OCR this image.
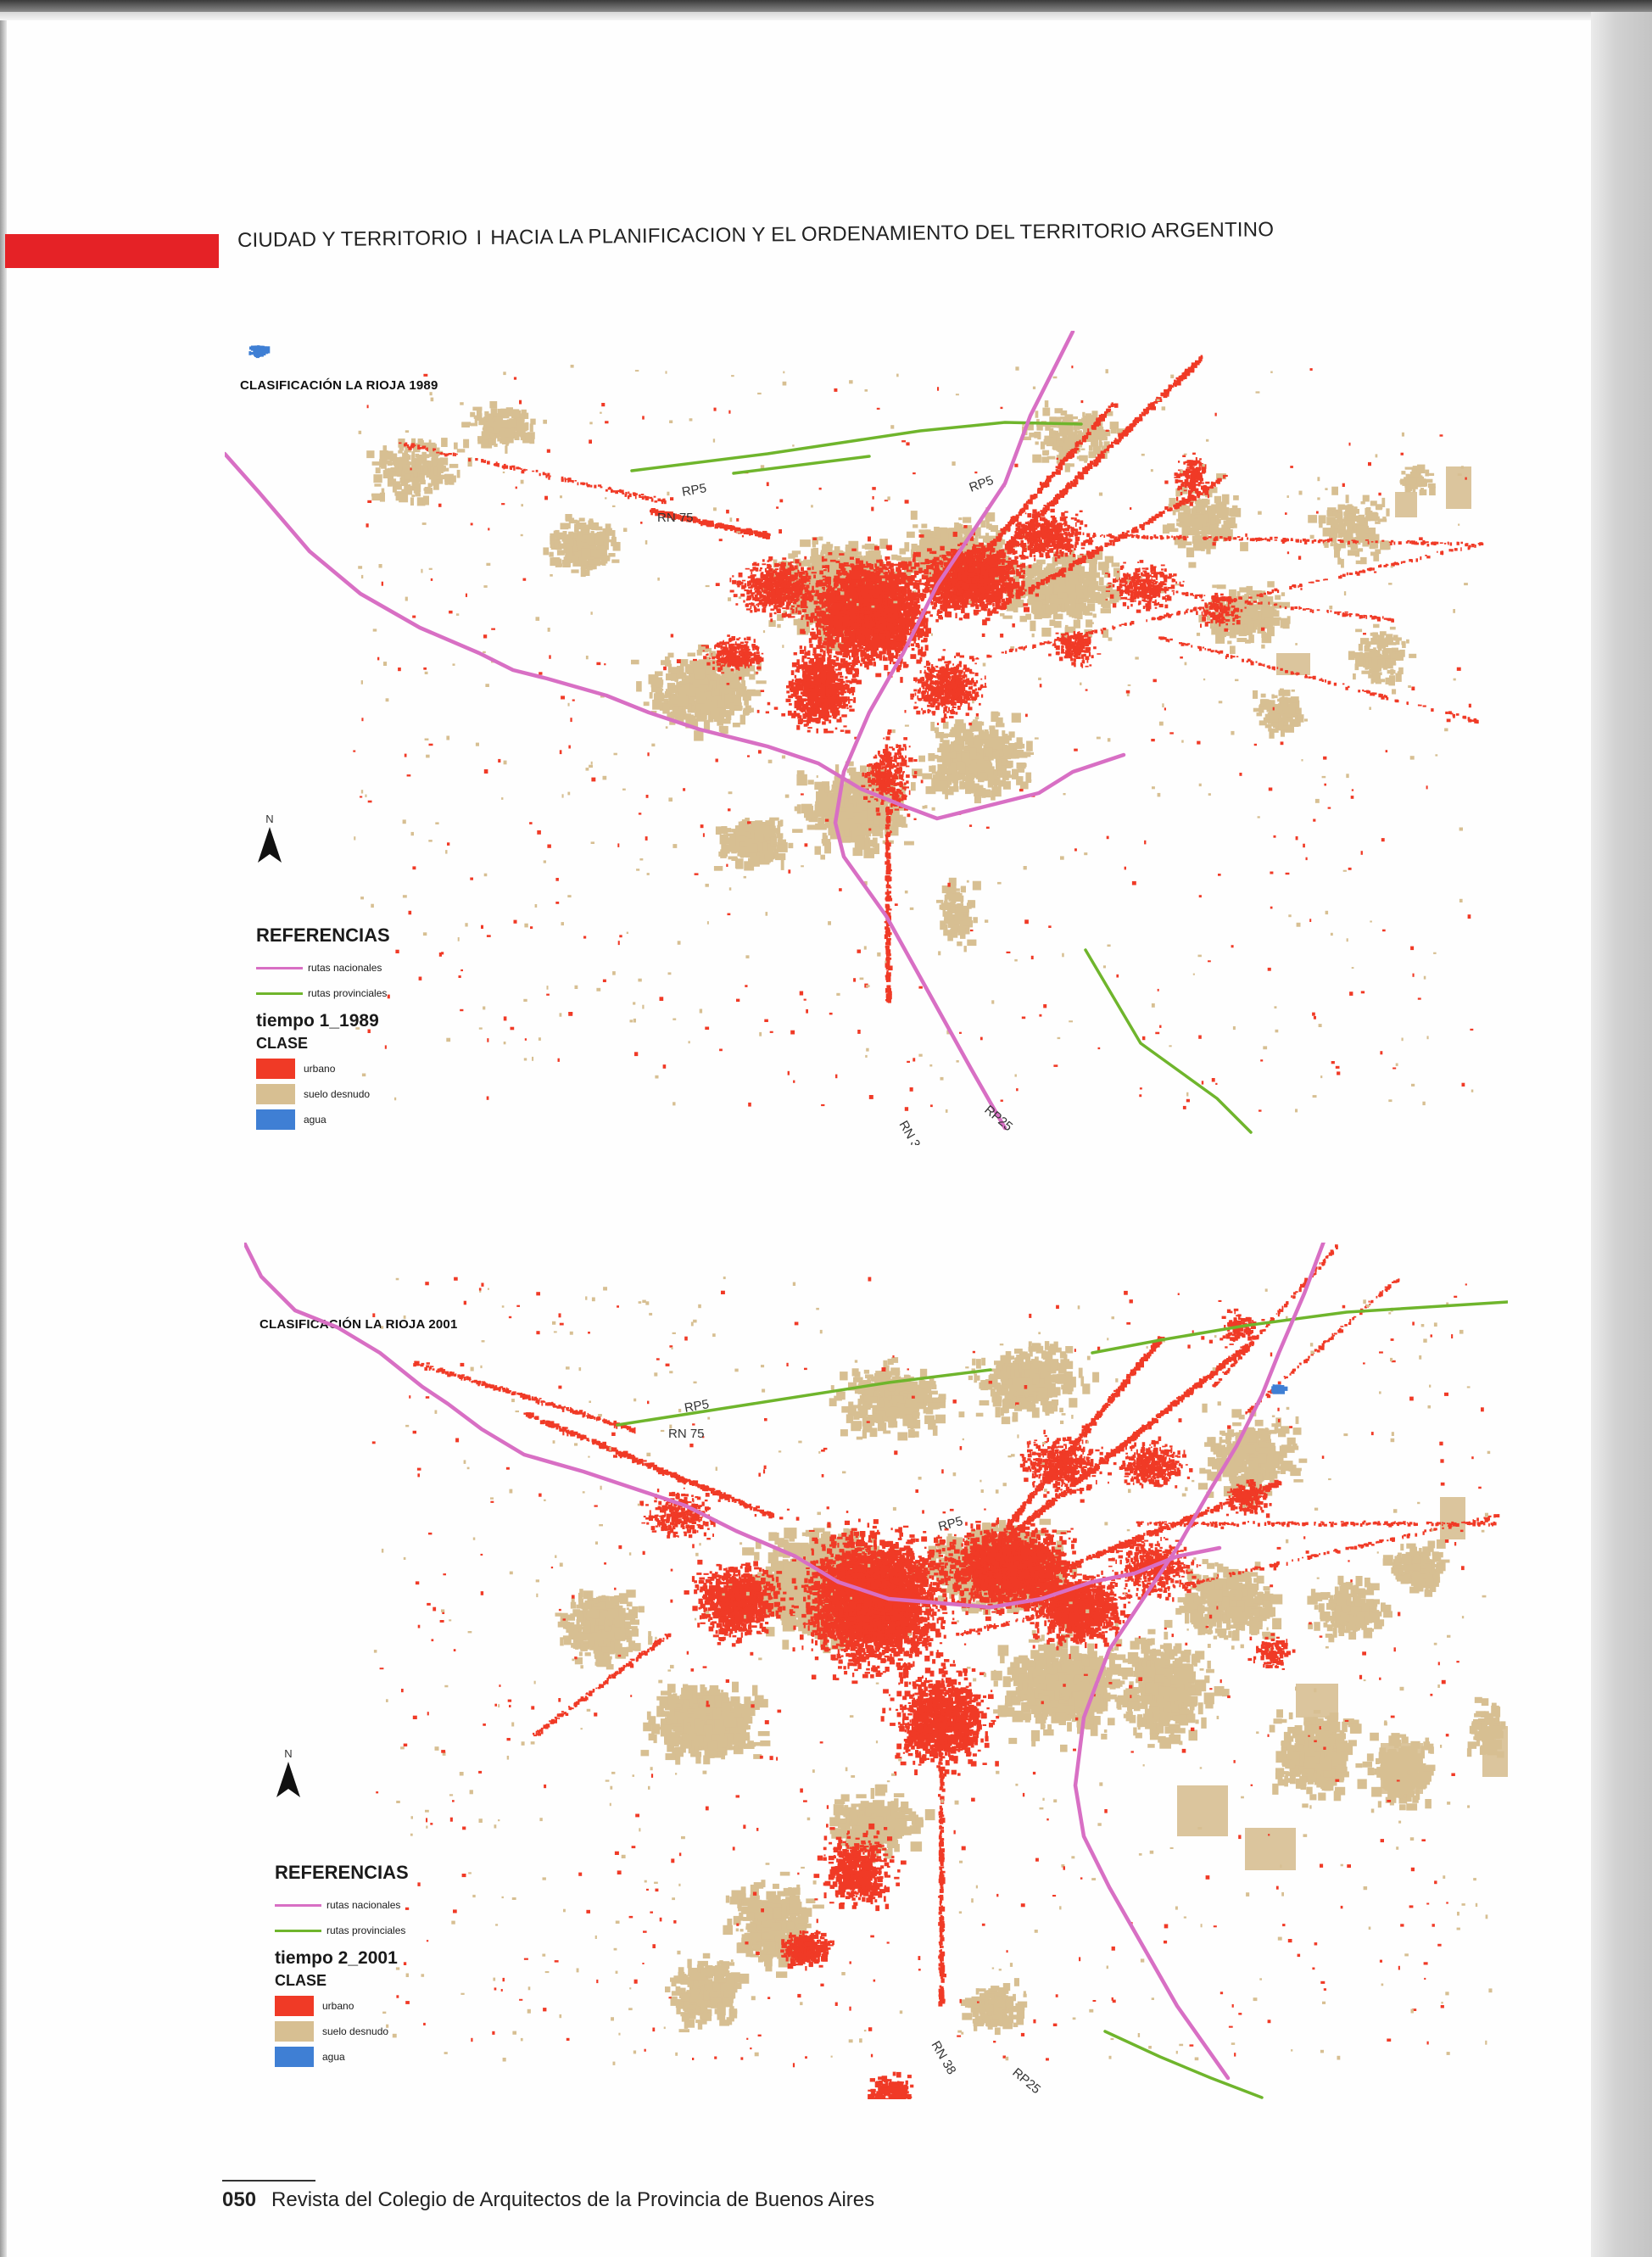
CIUDAD Y TERRITORIO I HACIA LA PLANIFICACION Y EL ORDENAMIENTO DEL TERRITORIO ARGENTINO
CLASIFICACIÓN LA RIOJA 1989
RP5
RP5
RN 75
RN 38	RP25
N
REFERENCIAS
rutas nacionales
rutas provinciales
tiempo 1_1989
CLASE
urbano
suelo desnudo
agua
CLASIFICACIÓN LA RIOJA 2001
RP5
RP5
RN 75
RN 38
RP25
N
REFERENCIAS
rutas nacionales
rutas provinciales
tiempo 2_2001
CLASE
urbano
suelo desnudo
agua
050 Revista del Colegio de Arquitectos de la Provincia de Buenos Aires
